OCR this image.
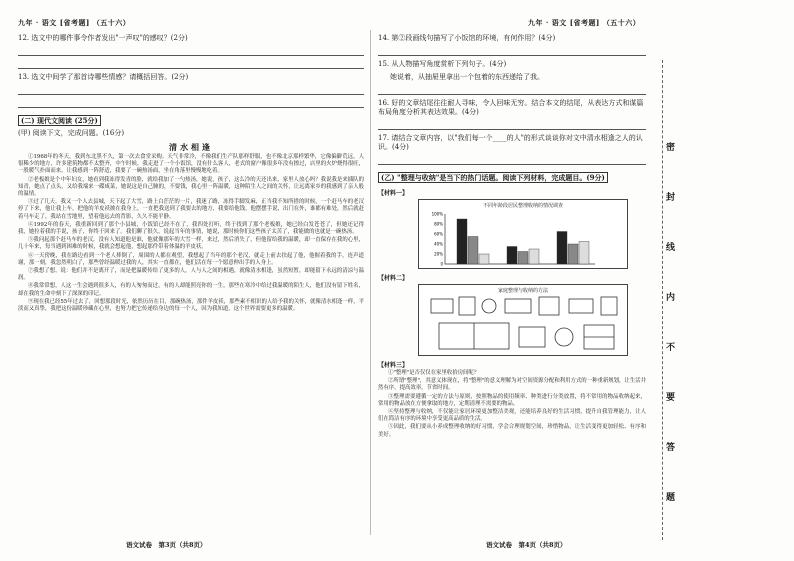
九年 · 语文 [省考题] （五十六）	九年 · 语文 [省考题] （五十六）
12. 选文中的哪件事令作者发出"一声叹"的感叹？(2分)
13. 选文中间学了那首诗哪些情感？请概括回答。(2分)
(二) 现代文阅读 (25分)
(甲) 阅读下文，完成问题。(16分)
清水相逢
①1968年的冬天，我到东北黑不久，第一次去食堂采购。天气非常冷，不像我们生产队那样舒服，也不像北京那样繁华，它像偏僻荒远，人很稀少的地方，许多建筑物都不太整齐，中午时候，我走进了一个小饭馆，没有什么客人，老式的窗户像很多年没有擦过，店里的火炉烧得很旺，一股暖气扑面而来，让我感到一阵舒适，我要了一碗热汤面，坐在角落里慢慢地吃着。
②老板娘是个中年妇女，她看到我冻得发青的脸，就给我加了一勺热汤，她说，孩子，这么冷的天还出来，家里人放心吗？我说我是来插队的知青，她点了点头，又给我端来一碟咸菜，她说这是自己腌的，不要钱，我心里一阵温暖，这种陌生人之间的关怀，让远离家乡的我感到了亲人般的温情。
③过了几天，我又一个人去县城，天下起了大雪，路上白茫茫的一片，我迷了路，冻得手脚发麻，正当我不知所措的时候，一个赶马车的老汉停了下来，他让我上车，把他的羊皮袄披在我身上，一直把我送到了我要去的地方，我要给他钱，他摆摆手说，出门在外，谁都有难处，然后就赶着马车走了，我站在雪地里，望着他远去的背影，久久不能平静。
④1992年的春天，我重新回到了那个小县城，小饭馆已经不在了，我四处打听，终于找到了那个老板娘，她已经白发苍苍了，但她还记得我，她拉着我的手说，孩子，你终于回来了。我们聊了很久，说起当年的事情，她说，那时候你们这些孩子太苦了，我能做的也就是一碗热汤。
⑤我问起那个赶马车的老汉，没有人知道他是谁，他就像那年的大雪一样，来过，然后消失了，但他留给我的温暖，却一直保存在我的心里，几十年来，每当遇到困难的时候，我就会想起他，想起那件带着体温的羊皮袄。
⑥一天傍晚，我在路边看到一个老人摔倒了，周围的人都在观望，我想起了当年的那个老汉，就走上前去扶起了他，他握着我的手，连声道谢，那一刻，我忽然明白了，那些曾经温暖过我的人，其实一直都在，他们活在每一个愿意伸出手的人身上。
⑦我想了想，说：他们并不是离开了，而是把温暖传给了更多的人，人与人之间的相遇，就像清水相逢，虽然短暂，却能留下永远的清凉与温润。
⑧我常常想，人这一生会遇到很多人，有的人匆匆而过，有的人却能照亮你的一生，那些在寒冷中给过我温暖的陌生人，他们没有留下姓名，却在我的生命中刻下了深深的印记。
⑨现在我已经55年过去了，回想那段时光，依然历历在目，那碗热汤，那件羊皮袄，那些素不相识的人给予我的关怀，就像清水相逢一样，平淡而又真挚，我把这份温暖珍藏在心里，也努力把它传递给身边的每一个人，因为我知道，这个世界需要更多的温暖。
14. 第②段画线句描写了小饭馆的环境，有何作用？(4分)
15. 从人物描写角度赏析下列句子。(4分)
她说着，从抽屉里拿出一个包着的东西递给了我。
16. 好的文章结尾往往耐人寻味，令人回味无穷。结合本文的结尾，从表达方式和谋篇布局角度分析其表达效果。(4分)
17. 请结合文章内容，以"我们每一个____的人"的形式谈谈你对文中清水相逢之人的认识。(4分)
(乙) "整理与收纳"是当下的热门话题。阅读下列材料，完成题目。(9分)
【材料一】
不同年龄段居民整理收纳的情况调查
0
20%
40%
60%
80%
100%
【材料二】
家庭整理与收纳的方法
【材料三】
①"整理"是否仅仅在家里收拾房间呢？
②所谓"整理"，其意义体现在，将"整理"的意义理解为对空间资源分配和利用方式的一种重新规划，让生活井然有序，提高效率，节省时间。
③整理需要遵循一定的方法与原则，按照物品的使用频率、种类进行分类放置，将不常用的物品收纳起来，常用的物品放在方便拿取的地方，定期清理不需要的物品。
④坚持整理与收纳，不仅能让家居环境更加整洁美观，还能培养良好的生活习惯，提升自我管理能力，让人们在简洁有序的环境中享受更高品质的生活。
⑤因此，我们要从小养成整理收纳的好习惯，学会合理规划空间，珍惜物品，让生活变得更加轻松、有序和美好。
密
封
线
内
不
要
答
题
语文试卷　第3页（共8页）	语文试卷　第4页（共8页）
